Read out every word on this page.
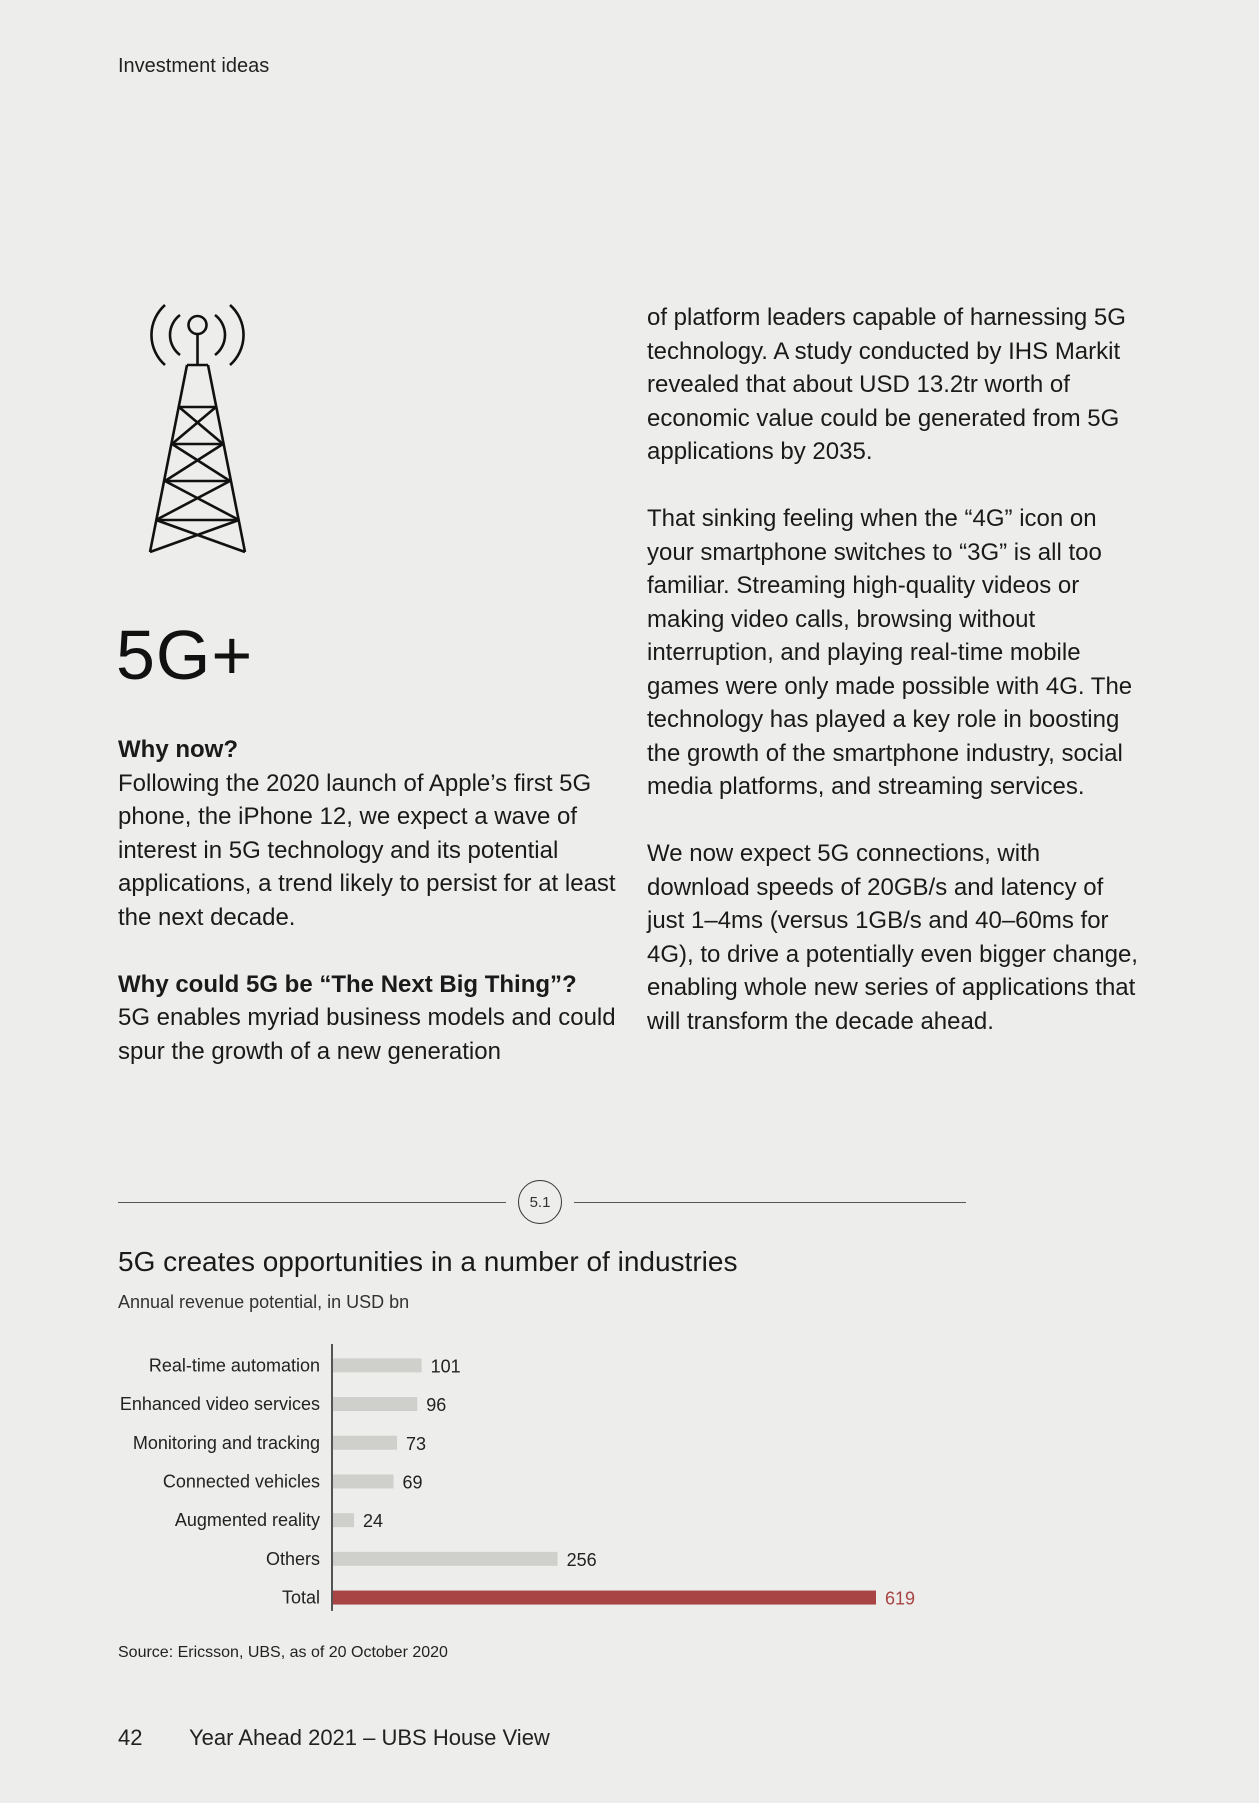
Investment ideas
5G+
Why now?

Following the 2020 launch of Apple’s first 5G phone, the iPhone 12, we expect a wave of interest in 5G technology and its potential applications, a trend likely to persist for at least the next decade.

Why could 5G be “The Next Big Thing”?

5G enables myriad business models and could spur the growth of a new generation

of platform leaders capable of harnessing 5G technology. A study conducted by IHS Markit revealed that about USD 13.2tr worth of economic value could be generated from 5G applications by 2035.

That sinking feeling when the “4G” icon on your smartphone switches to “3G” is all too familiar. Streaming high-quality videos or making video calls, browsing without interruption, and playing real-time mobile games were only made possible with 4G. The technology has played a key role in boosting the growth of the smartphone industry, social media platforms, and streaming services.

We now expect 5G connections, with download speeds of 20GB/s and latency of just 1–4ms (versus 1GB/s and 40–60ms for 4G), to drive a potentially even bigger change, enabling whole new series of applications that will transform the decade ahead.

5.1
5G creates opportunities in a number of industries
Annual revenue potential, in USD bn
Real-time automation	101
Enhanced video services	96
Monitoring and tracking	73
Connected vehicles	69
Augmented reality 24
Others	256
Total	619
Source: Ericsson, UBS, as of 20 October 2020
42 Year Ahead 2021 – UBS House View
